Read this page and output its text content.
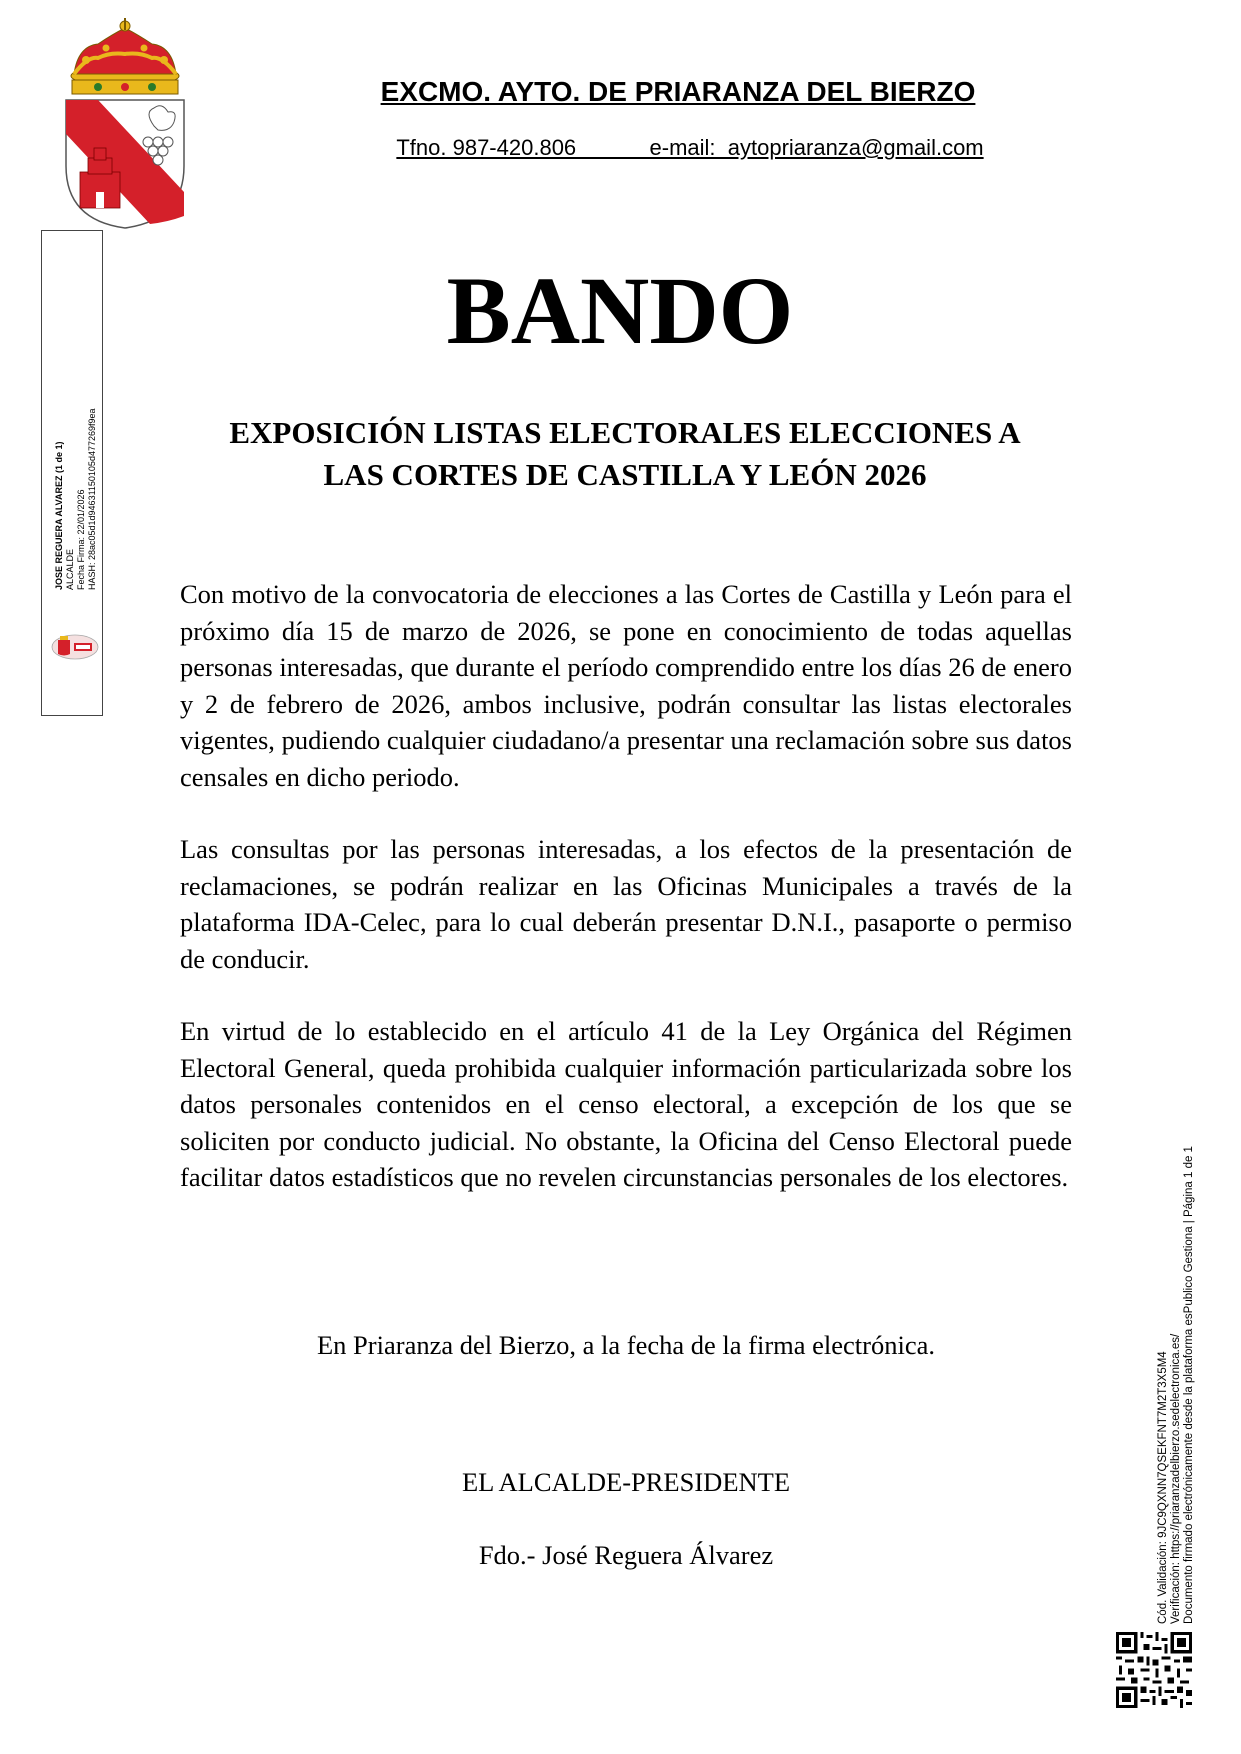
EXCMO. AYTO. DE PRIARANZA DEL BIERZO
Tfno. 987-420.806            e-mail:  aytopriaranza@gmail.com
BANDO
EXPOSICIÓN LISTAS ELECTORALES ELECCIONES A
LAS CORTES DE CASTILLA Y LEÓN 2026
Con motivo de la convocatoria de elecciones a las Cortes de Castilla y León para el próximo día 15 de marzo de 2026, se pone en conocimiento de todas aquellas personas interesadas, que durante el período comprendido entre los días 26 de enero y 2 de febrero de 2026, ambos inclusive, podrán consultar las listas electorales vigentes, pudiendo cualquier ciudadano/a presentar una reclamación sobre sus datos censales en dicho periodo.
Las consultas por las personas interesadas, a los efectos de la presentación de reclamaciones, se podrán realizar en las Oficinas Municipales a través de la plataforma IDA-Celec, para lo cual deberán presentar D.N.I., pasaporte o permiso de conducir.
En virtud de lo establecido en el artículo 41 de la Ley Orgánica del Régimen Electoral General, queda prohibida cualquier información particularizada sobre los datos personales contenidos en el censo electoral, a excepción de los que se soliciten por conducto judicial. No obstante, la Oficina del Censo Electoral puede facilitar datos estadísticos que no revelen circunstancias personales de los electores.
En Priaranza del Bierzo, a la fecha de la firma electrónica.
EL ALCALDE-PRESIDENTE
Fdo.- José Reguera Álvarez
JOSE REGUERA ALVAREZ (1 de 1) ALCALDE Fecha Firma: 22/01/2026 HASH: 28ac05d1d94631150105d477269f9ea
Cód. Validación: 9JC9QXNN7QSEKFNT7M2T3X5M4 Verificación: https://priaranzadelbierzo.sedelectronica.es/ Documento firmado electrónicamente desde la plataforma esPublico Gestiona | Página 1 de 1
